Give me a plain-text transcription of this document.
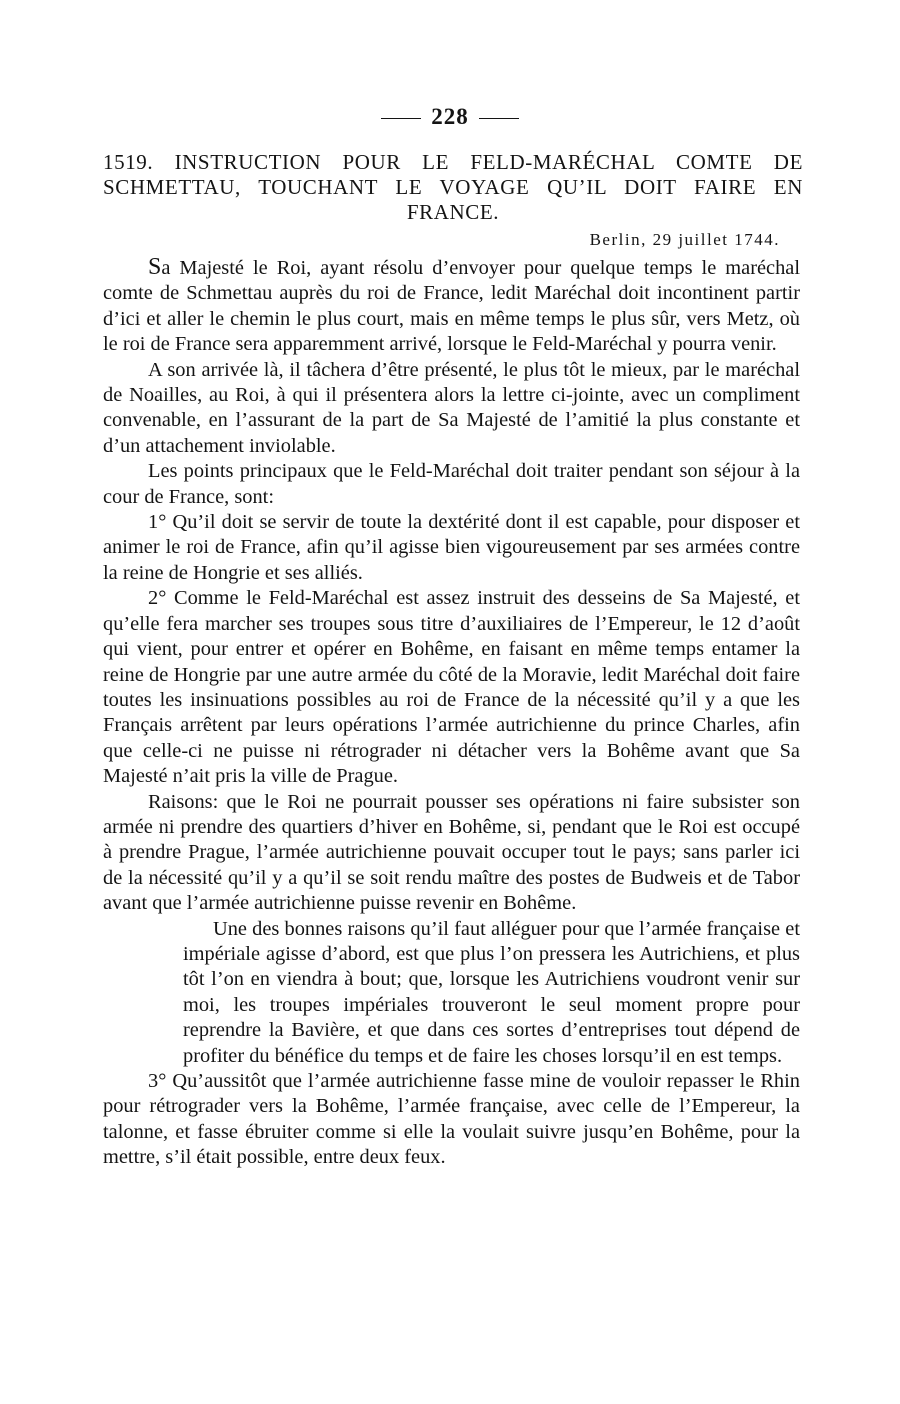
228
1519. INSTRUCTION POUR LE FELD-MARÉCHAL COMTE DE SCHMETTAU, TOUCHANT LE VOYAGE QU’IL DOIT FAIRE EN FRANCE.
Berlin, 29 juillet 1744.

Sa Majesté le Roi, ayant résolu d’envoyer pour quelque temps le maréchal comte de Schmettau auprès du roi de France, ledit Maréchal doit incontinent partir d’ici et aller le chemin le plus court, mais en même temps le plus sûr, vers Metz, où le roi de France sera apparemment arrivé, lorsque le Feld-Maréchal y pourra venir.

A son arrivée là, il tâchera d’être présenté, le plus tôt le mieux, par le maréchal de Noailles, au Roi, à qui il présentera alors la lettre ci-jointe, avec un compliment convenable, en l’assurant de la part de Sa Majesté de l’amitié la plus constante et d’un attachement inviolable.

Les points principaux que le Feld-Maréchal doit traiter pendant son séjour à la cour de France, sont:

1° Qu’il doit se servir de toute la dextérité dont il est capable, pour disposer et animer le roi de France, afin qu’il agisse bien vigoureusement par ses armées contre la reine de Hongrie et ses alliés.

2° Comme le Feld-Maréchal est assez instruit des desseins de Sa Majesté, et qu’elle fera marcher ses troupes sous titre d’auxiliaires de l’Empereur, le 12 d’août qui vient, pour entrer et opérer en Bohême, en faisant en même temps entamer la reine de Hongrie par une autre armée du côté de la Moravie, ledit Maréchal doit faire toutes les insinuations possibles au roi de France de la nécessité qu’il y a que les Français arrêtent par leurs opérations l’armée autrichienne du prince Charles, afin que celle-ci ne puisse ni rétrograder ni détacher vers la Bohême avant que Sa Majesté n’ait pris la ville de Prague.

Raisons: que le Roi ne pourrait pousser ses opérations ni faire subsister son armée ni prendre des quartiers d’hiver en Bohême, si, pendant que le Roi est occupé à prendre Prague, l’armée autrichienne pouvait occuper tout le pays; sans parler ici de la nécessité qu’il y a qu’il se soit rendu maître des postes de Budweis et de Tabor avant que l’armée autrichienne puisse revenir en Bohême.

Une des bonnes raisons qu’il faut alléguer pour que l’armée française et impériale agisse d’abord, est que plus l’on pressera les Autrichiens, et plus tôt l’on en viendra à bout; que, lorsque les Autrichiens voudront venir sur moi, les troupes impériales trouveront le seul moment propre pour reprendre la Bavière, et que dans ces sortes d’entreprises tout dépend de profiter du bénéfice du temps et de faire les choses lorsqu’il en est temps.

3° Qu’aussitôt que l’armée autrichienne fasse mine de vouloir repasser le Rhin pour rétrograder vers la Bohême, l’armée française, avec celle de l’Empereur, la talonne, et fasse ébruiter comme si elle la voulait suivre jusqu’en Bohême, pour la mettre, s’il était possible, entre deux feux.
